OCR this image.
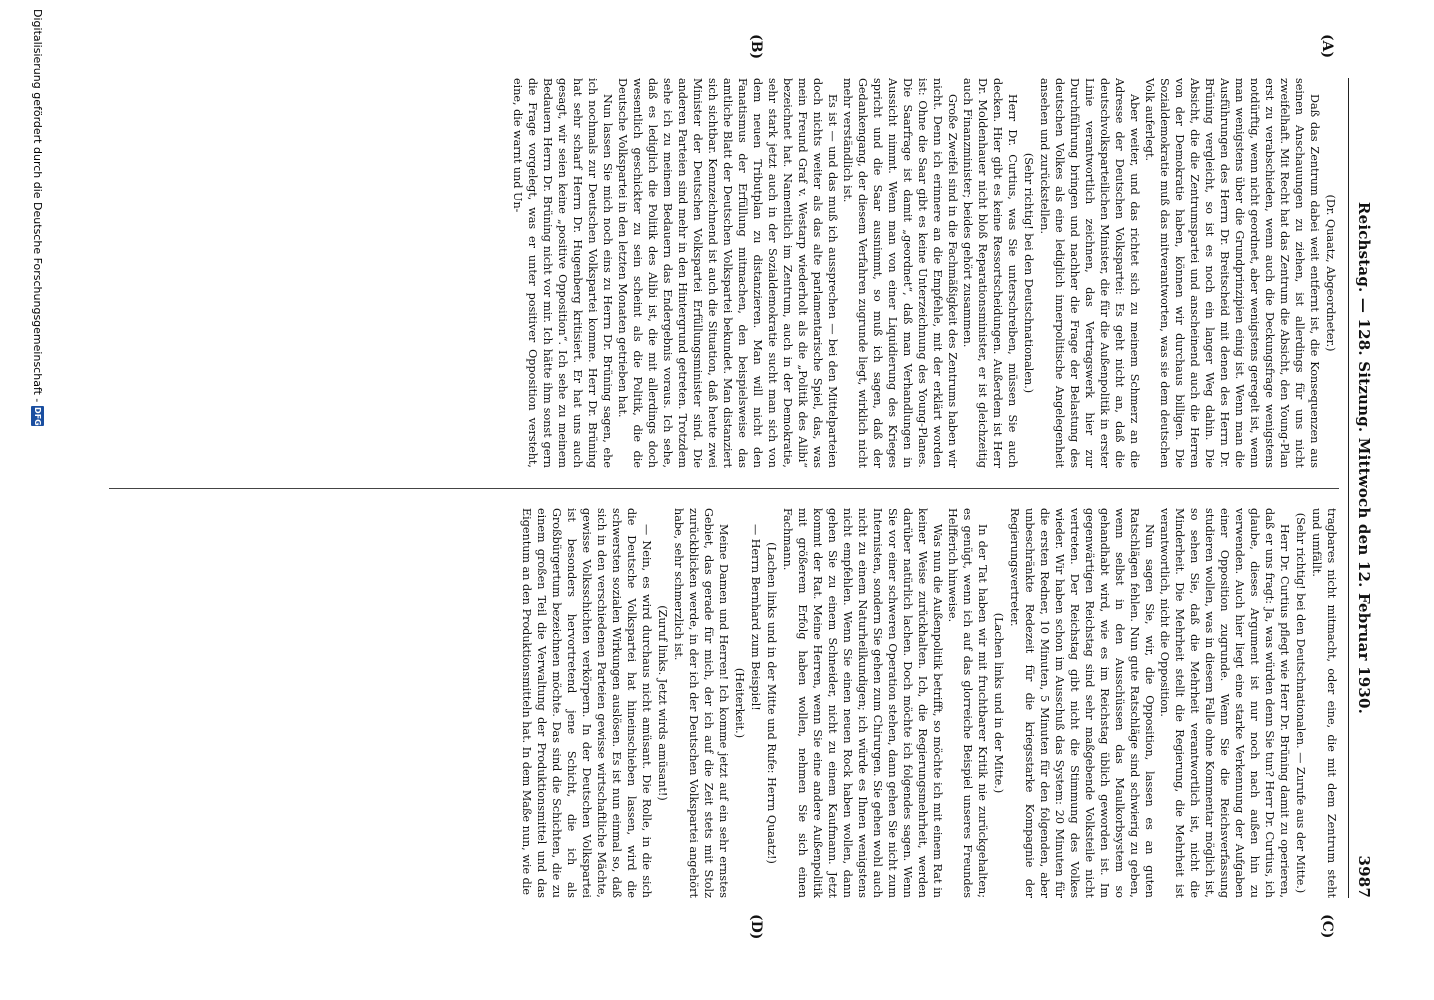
Reichstag. — 128. Sitzung. Mittwoch den 12. Februar 1930.
3987
(A)
(B)
(C)
(D)

(Dr. Quaatz, Abgeordneter.)

Daß das Zentrum dabei weit entfernt ist, die Konsequenzen aus seinen Anschauungen zu ziehen, ist allerdings für uns nicht zweifelhaft. Mit Recht hat das Zentrum die Absicht, den Young-Plan erst zu verabschieden, wenn auch die Deckungsfrage wenigstens notdürftig, wenn nicht geordnet, aber wenigstens geregelt ist, wenn man wenigstens über die Grundprinzipien einig ist. Wenn man die Ausführungen des Herrn Dr. Breitscheid mit denen des Herrn Dr. Brüning vergleicht, so ist es noch ein langer Weg dahin. Die Absicht, die die Zentrumspartei und anscheinend auch die Herren von der Demokratie haben, können wir durchaus billigen. Die Sozialdemokratie muß das mitverantworten, was sie dem deutschen Volk auferlegt.

Aber weiter, und das richtet sich zu meinem Schmerz an die Adresse der Deutschen Volkspartei: Es geht nicht an, daß die deutschvolksparteilichen Minister, die für die Außenpolitik in erster Linie verantwortlich zeichnen, das Vertragswerk hier zur Durchführung bringen und nachher die Frage der Belastung des deutschen Volkes als eine lediglich innerpolitische Angelegenheit ansehen und zurückstellen.

(Sehr richtig! bei den Deutschnationalen.)

Herr Dr. Curtius, was Sie unterschreiben, müssen Sie auch decken. Hier gibt es keine Ressortscheidungen. Außerdem ist Herr Dr. Moldenhauer nicht bloß Reparationsminister, er ist gleichzeitig auch Finanzminister; beides gehört zusammen.

Große Zweifel sind in die Fachmäßigkeit des Zentrums haben wir nicht. Denn ich erinnere an die Empfehle, mit der erklärt worden ist: Ohne die Saar gibt es keine Unterzeichnung des Young-Planes. Die Saarfrage ist damit „geordnet“, daß man Verhandlungen in Aussicht nimmt. Wenn man von einer Liquidierung des Krieges spricht und die Saar ausnimmt, so muß ich sagen, daß der Gedankengang, der diesem Verfahren zugrunde liegt, wirklich nicht mehr verständlich ist.

Es ist — und das muß ich aussprechen — bei den Mittelparteien doch nichts weiter als das alte parlamentarische Spiel, das, was mein Freund Graf v. Westarp wiederholt als die „Politik des Alibi“ bezeichnet hat. Namentlich im Zentrum, auch in der Demokratie, sehr stark jetzt auch in der Sozialdemokratie sucht man sich von dem neuen Tributplan zu distanzieren. Man will nicht den Fanatismus der Erfüllung mitmachen, den beispielsweise das amtliche Blatt der Deutschen Volkspartei bekundet. Man distanziert sich sichtbar. Kennzeichnend ist auch die Situation, daß heute zwei Minister der Deutschen Volkspartei Erfüllungsminister sind. Die anderen Parteien sind mehr in den Hintergrund getreten. Trotzdem sehe ich zu meinem Bedauern das Endergebnis voraus. Ich sehe, daß es lediglich die Politik des Alibi ist, die mit allerdings doch wesentlich geschickter zu sein scheint als die Politik, die die Deutsche Volkspartei in den letzten Monaten getrieben hat.

Nun lassen Sie mich noch eins zu Herrn Dr. Brüning sagen, ehe ich nochmals zur Deutschen Volkspartei komme. Herr Dr. Brüning hat sehr scharf Herrn Dr. Hugenberg kritisiert. Er hat uns auch gesagt, wir seien keine „positive Opposition“. Ich sehe zu meinem Bedauern Herrn Dr. Brüning nicht vor mir. Ich hätte ihm sonst gern die Frage vorgelegt, was er unter positiver Opposition versteht, eine, die warnt und Un-

tragbares nicht mitmacht, oder eine, die mit dem Zentrum steht und umfällt.

(Sehr richtig! bei den Deutschnationalen. — Zurufe aus der Mitte.)

Herr Dr. Curtius pflegt wie Herr Dr. Brüning damit zu operieren, daß er uns fragt: Ja, was würden denn Sie tun? Herr Dr. Curtius, ich glaube, dieses Argument ist nur noch nach außen hin zu verwenden. Auch hier liegt eine starke Verkennung der Aufgaben einer Opposition zugrunde. Wenn Sie die Reichsverfassung studieren wollen, was in diesem Falle ohne Kommentar möglich ist, so sehen Sie, daß die Mehrheit verantwortlich ist, nicht die Minderheit. Die Mehrheit stellt die Regierung, die Mehrheit ist verantwortlich, nicht die Opposition.

Nun sagen Sie, wir, die Opposition, lassen es an guten Ratschlägen fehlen. Nun gute Ratschläge sind schwierig zu geben, wenn selbst in den Ausschüssen das Maulkorbsystem so gehandhabt wird, wie es im Reichstag üblich geworden ist. Im gegenwärtigen Reichstag sind sehr maßgebende Volksteile nicht vertreten. Der Reichstag gibt nicht die Stimmung des Volkes wieder. Wir haben schon im Ausschuß das System: 20 Minuten für die ersten Redner, 10 Minuten, 5 Minuten für den folgenden, aber unbeschränkte Redezeit für die kriegsstarke Kompagnie der Regierungsvertreter.

(Lachen links und in der Mitte.)

In der Tat haben wir mit fruchtbarer Kritik nie zurückgehalten; es genügt, wenn ich auf das glorreiche Beispiel unseres Freundes Helfferich hinweise.

Was nun die Außenpolitik betrifft, so möchte ich mit einem Rat in keiner Weise zurückhalten. Ich, die Regierungsmehrheit, werden darüber natürlich lachen. Doch möchte ich folgendes sagen. Wenn Sie vor einer schweren Operation stehen, dann gehen Sie nicht zum Internisten, sondern Sie gehen zum Chirurgen. Sie gehen wohl auch nicht zu einem Naturheilkundigen; ich würde es Ihnen wenigstens nicht empfehlen. Wenn Sie einen neuen Rock haben wollen, dann gehen Sie zu einem Schneider, nicht zu einem Kaufmann. Jetzt kommt der Rat. Meine Herren, wenn Sie eine andere Außenpolitik mit größerem Erfolg haben wollen, nehmen Sie sich einen Fachmann.

(Lachen links und in der Mitte und Rufe: Herrn Quaatz!)

— Herrn Bernhard zum Beispiel!

(Heiterkeit.)

Meine Damen und Herren! Ich komme jetzt auf ein sehr ernstes Gebiet, das gerade für mich, der ich auf die Zeit stets mit Stolz zurückblicken werde, in der ich der Deutschen Volkspartei angehört habe, sehr schmerzlich ist.

(Zuruf links. Jetzt wirds amüsant!)

— Nein, es wird durchaus nicht amüsant. Die Rolle, in die sich die Deutsche Volkspartei hat hineinschieben lassen, wird die schwersten sozialen Wirkungen auslösen. Es ist nun einmal so, daß sich in den verschiedenen Parteien gewisse wirtschaftliche Mächte, gewisse Volksschichten verkörpern. In der Deutschen Volkspartei ist besonders hervortretend jene Schicht, die ich als Großbürgertum bezeichnen möchte. Das sind die Schichten, die zu einem großen Teil die Verwaltung der Produktionsmittel und das Eigentum an den Produktionsmitteln hat. In dem Maße nun, wie die

Digitalisierung gefördert durch die Deutsche Forschungsgemeinschaft -
DFG
